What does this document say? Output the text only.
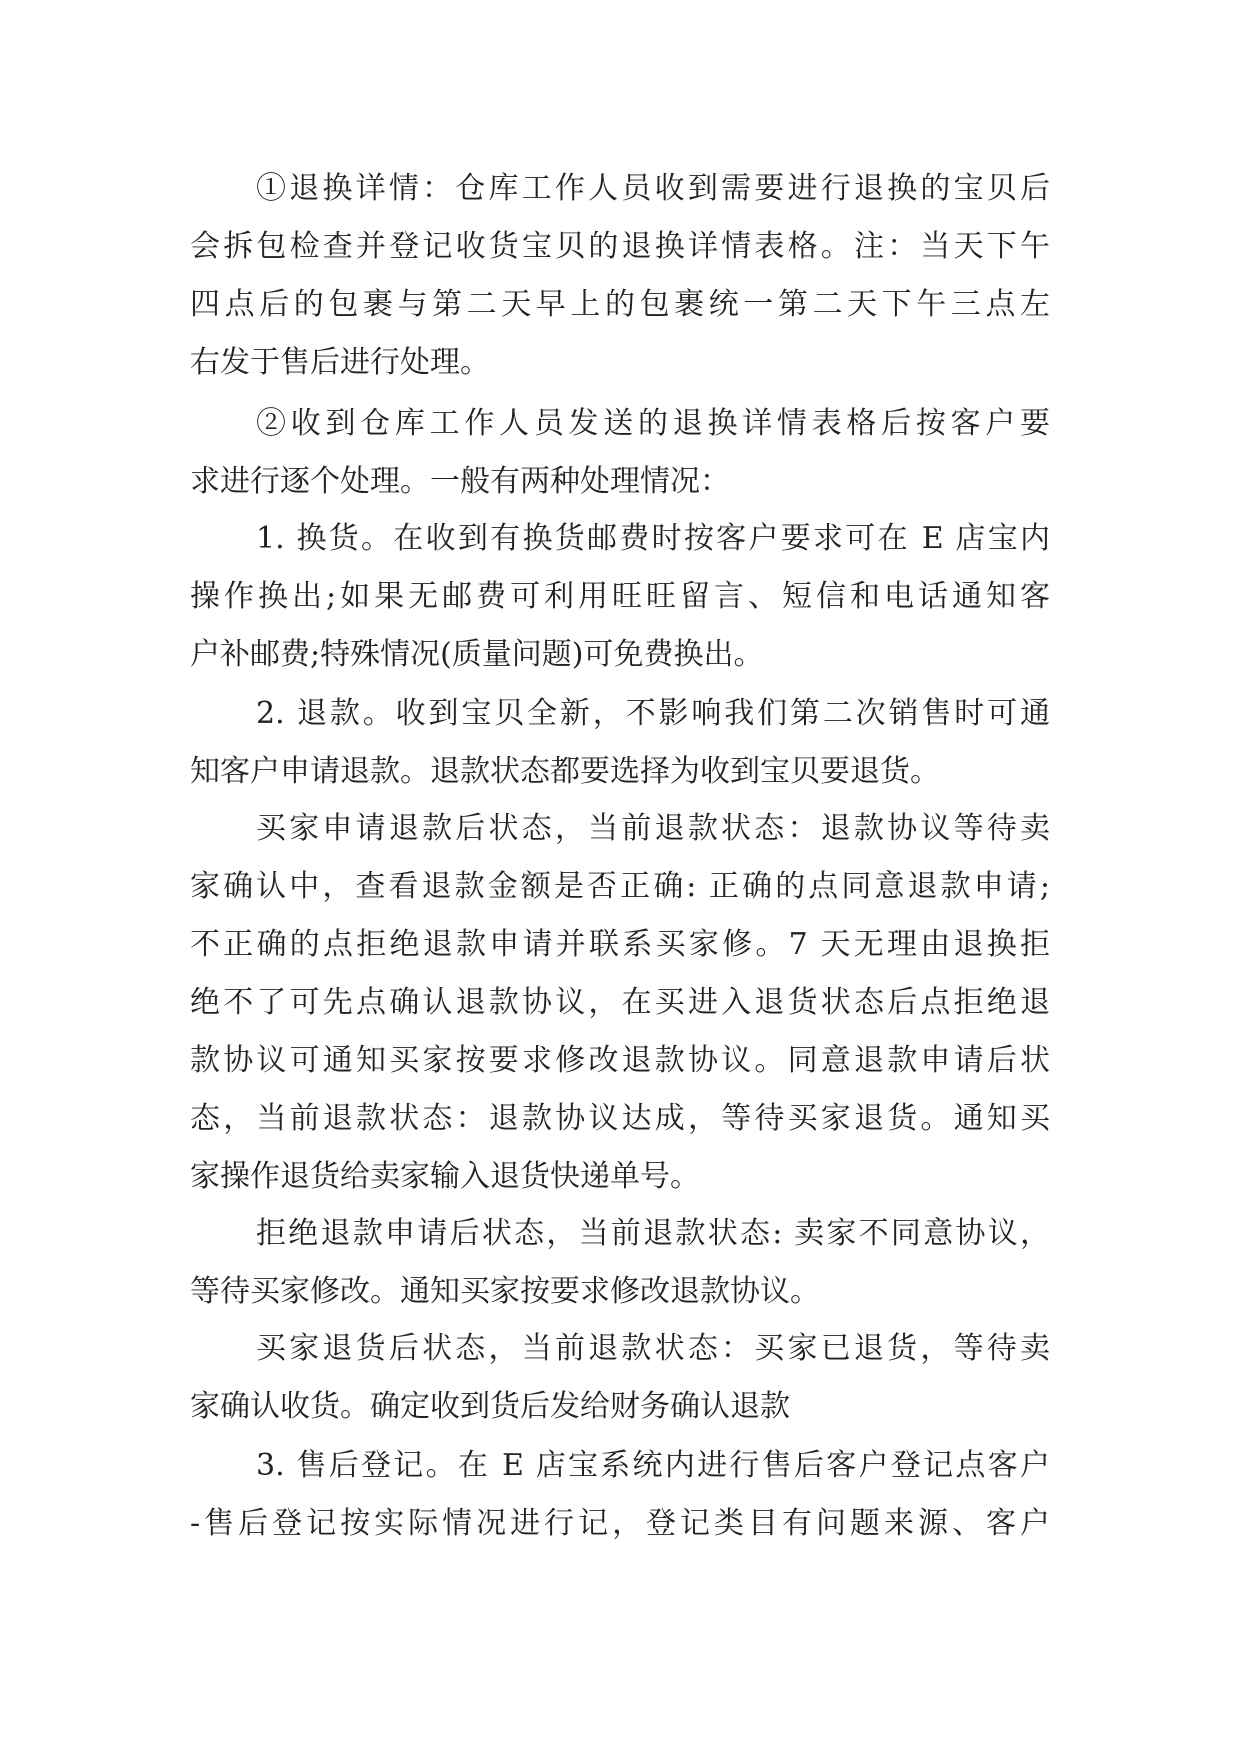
①退换详情：仓库工作人员收到需要进行退换的宝贝后
会拆包检查并登记收货宝贝的退换详情表格。注：当天下午
四点后的包裹与第二天早上的包裹统一第二天下午三点左
右发于售后进行处理。
②收到仓库工作人员发送的退换详情表格后按客户要
求进行逐个处理。一般有两种处理情况：
1. 换货。在收到有换货邮费时按客户要求可在 E 店宝内
操作换出;如果无邮费可利用旺旺留言、短信和电话通知客
户补邮费;特殊情况(质量问题)可免费换出。
2. 退款。收到宝贝全新，不影响我们第二次销售时可通
知客户申请退款。退款状态都要选择为收到宝贝要退货。
买家申请退款后状态，当前退款状态：退款协议等待卖
家确认中，查看退款金额是否正确: 正确的点同意退款申请;
不正确的点拒绝退款申请并联系买家修。7 天无理由退换拒
绝不了可先点确认退款协议，在买进入退货状态后点拒绝退
款协议可通知买家按要求修改退款协议。同意退款申请后状
态，当前退款状态：退款协议达成，等待买家退货。通知买
家操作退货给卖家输入退货快递单号。
拒绝退款申请后状态，当前退款状态: 卖家不同意协议，
等待买家修改。通知买家按要求修改退款协议。
买家退货后状态，当前退款状态：买家已退货，等待卖
家确认收货。确定收到货后发给财务确认退款
3. 售后登记。在 E 店宝系统内进行售后客户登记点客户
-售后登记按实际情况进行记，登记类目有问题来源、客户
